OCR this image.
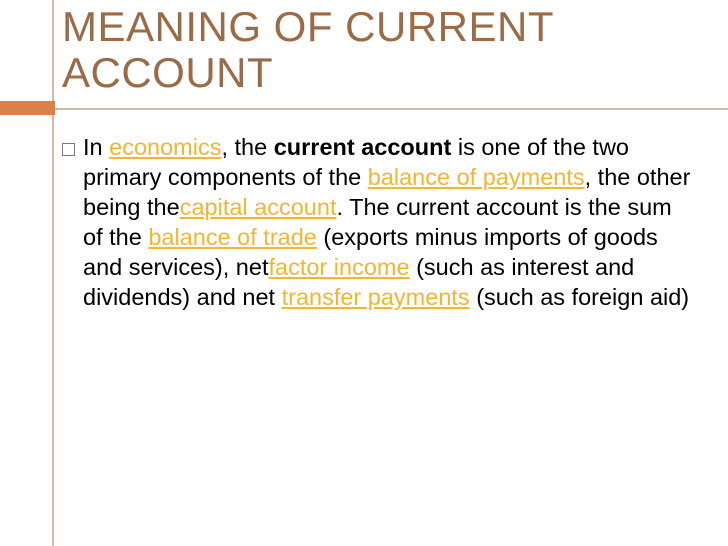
MEANING OF CURRENT
ACCOUNT

In economics, the current account is one of the two primary components of the balance of payments, the other being thecapital account. The current account is the sum of the balance of trade (exports minus imports of goods and services), netfactor income (such as interest and dividends) and net transfer payments (such as foreign aid)
